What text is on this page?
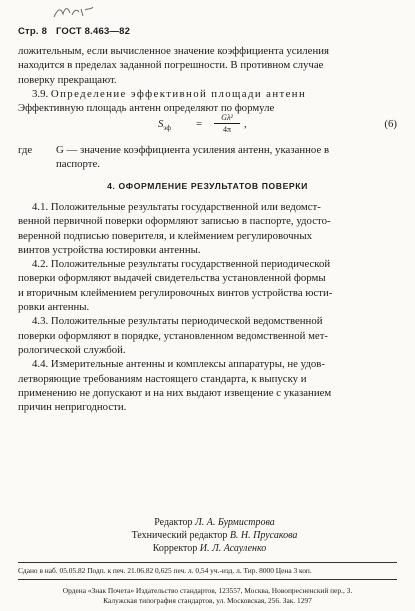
Стр. 8 ГОСТ 8.463—82
ложительным, если вычисленное значение коэффициента усиления
находится в пределах заданной погрешности. В противном случае
поверку прекращают.
3.9. Определение эффективной площади антенн
Эффективную площадь антенн определяют по формуле
$S_{эф} = \frac{\text{Gλ²}}{4\pi}$ ,	(6)
где G — значение коэффициента усиления антенн, указанное в
паспорте.
4. ОФОРМЛЕНИЕ РЕЗУЛЬТАТОВ ПОВЕРКИ
4.1. Положительные результаты государственной или ведомст-
венной первичной поверки оформляют записью в паспорте, удосто-
веренной подписью поверителя, и клеймением регулировочных
винтов устройства юстировки антенны.
4.2. Положительные результаты государственной периодической
поверки оформляют выдачей свидетельства установленной формы
и вторичным клеймением регулировочных винтов устройства юсти-
ровки антенны.
4.3. Положительные результаты периодической ведомственной
поверки оформляют в порядке, установленном ведомственной мет-
рологической службой.
4.4. Измерительные антенны и комплексы аппаратуры, не удов-
летворяющие требованиям настоящего стандарта, к выпуску и
применению не допускают и на них выдают извещение с указанием
причин непригодности.
Редактор Л. А. Бурмистрова
Технический редактор В. Н. Прусакова
Корректор И. Л. Асауленко
Сдано в наб. 05.05.82 Подп. к печ. 21.06.82 0,625 печ. л. 0,54 уч.-изд. л. Тир. 8000 Цена 3 коп.
Ордена «Знак Почета» Издательство стандартов, 123557, Москва, Новопресненский пер., 3.
Калужская типография стандартов, ул. Московская, 256. Зак. 1297
